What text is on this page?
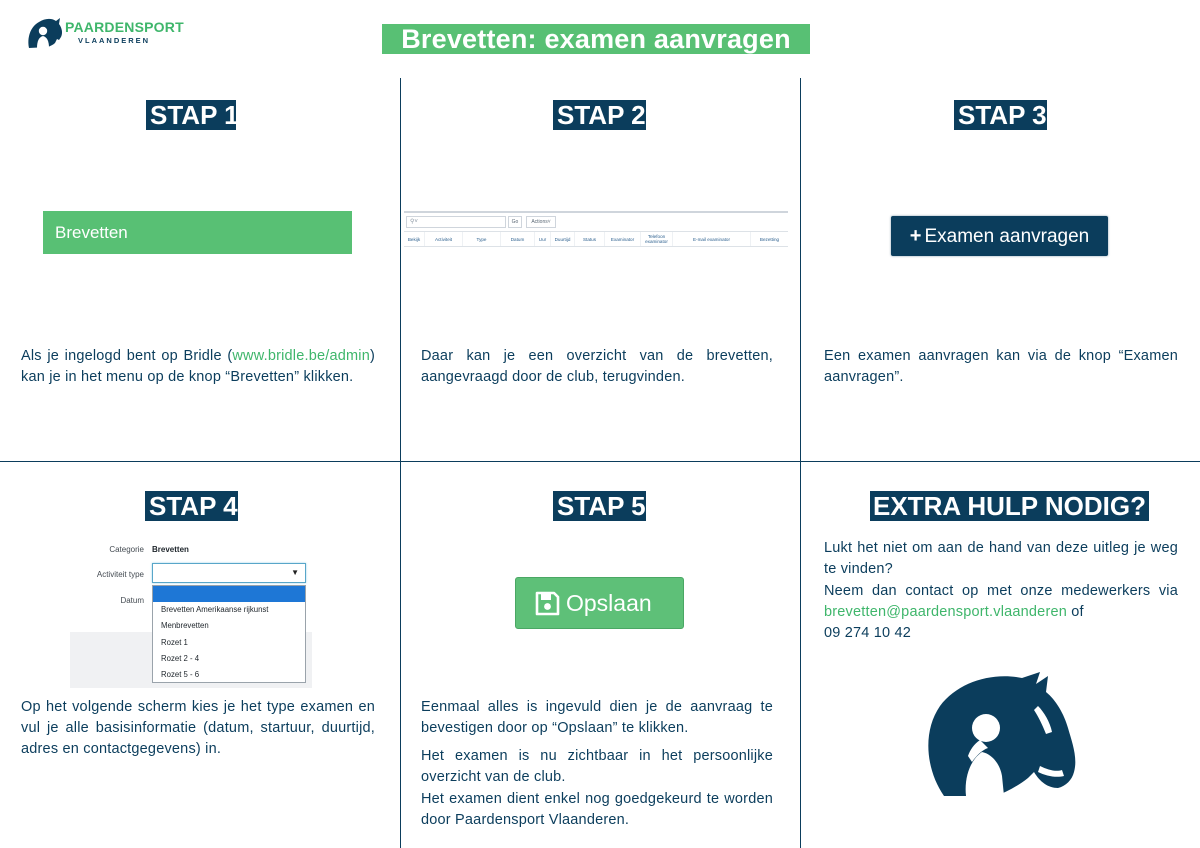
PAARDENSPORT
VLAANDEREN	Brevetten: examen aanvragen
STAP 1
Brevetten
Als je ingelogd bent op Bridle (www.bridle.be/admin) kan je in het menu op de knop “Brevetten” klikken.
STAP 2
⚲˅	Go	Actions˅
Bekijk	Activiteit	Type	Datum	Uur	Duurtijd	Status	Examinator	Telefoon examinator	E-mail examinator	Bezetting
Daar kan je een overzicht van de brevetten, aangevraagd door de club, terugvinden.
STAP 3
+ Examen aanvragen
Een examen aanvragen kan via de knop “Examen aanvragen”.
STAP 4
Categorie Brevetten
Activiteit type	▼
Datum
Brevetten Amerikaanse rijkunst
Menbrevetten
Rozet 1
Rozet 2 - 4
Rozet 5 - 6
Op het volgende scherm kies je het type examen en vul je alle basisinformatie (datum, startuur, duurtijd, adres en contactgegevens) in.
STAP 5
Opslaan
Eenmaal alles is ingevuld dien je de aanvraag te bevestigen door op “Opslaan” te klikken.
Het examen is nu zichtbaar in het persoonlijke overzicht van de club.
Het examen dient enkel nog goedgekeurd te worden door Paardensport Vlaanderen.
EXTRA HULP NODIG?
Lukt het niet om aan de hand van deze uitleg je weg te vinden?
Neem dan contact op met onze medewerkers via brevetten@paardensport.vlaanderen of
09 274 10 42
